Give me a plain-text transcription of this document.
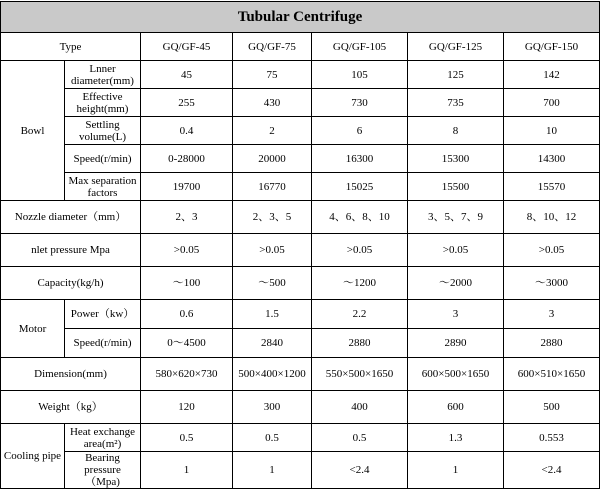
Tubular Centrifuge						
Type		GQ/GF-45	GQ/GF-75	GQ/GF-105	GQ/GF-125	GQ/GF-150
Bowl	Lnner diameter(mm)	45	75	105	125	142
	Effective height(mm)	255	430	730	735	700
	Settling volume(L)	0.4	2	6	8	10
	Speed(r/min)	0-28000	20000	16300	15300	14300
	Max separation factors	19700	16770	15025	15500	15570
Nozzle diameter（mm）		2、3	2、3、5	4、6、8、10	3、5、7、9	8、10、12
nlet pressure Mpa		>0.05	>0.05	>0.05	>0.05	>0.05
Capacity(kg/h)		～100	～500	～1200	～2000	～3000
Motor	Power（kw）	0.6	1.5	2.2	3	3
	Speed(r/min)	0～4500	2840	2880	2890	2880
Dimension(mm)		580×620×730	500×400×1200	550×500×1650	600×500×1650	600×510×1650
Weight（kg）		120	300	400	600	500
Cooling pipe	Heat exchange area(m²)	0.5	0.5	0.5	1.3	0.553
	Bearing pressure（Mpa)	1	1	<2.4	1	<2.4
